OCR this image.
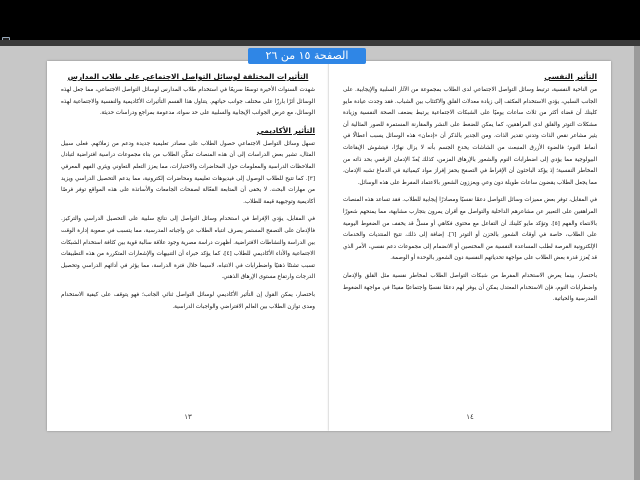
التأثيرات المختلفة لوسائل التواصل الاجتماعي على طلاب المدارس

شهدت السنوات الأخيرة توسعًا سريعًا في استخدام طلاب المدارس لوسائل التواصل الاجتماعي، مما جعل لهذه الوسائل أثرًا بارزًا على مختلف جوانب حياتهم. يتناول هذا القسم التأثيرات الأكاديمية والنفسية والاجتماعية لهذه الوسائل، مع عرض الجوانب الإيجابية والسلبية على حد سواء، مدعومة بمراجع ودراسات حديثة.

التأثير الأكاديمي

تسهل وسائل التواصل الاجتماعي حصول الطلاب على مصادر تعليمية جديدة ودعم من زملائهم. فعلى سبيل المثال، تشير بعض الدراسات إلى أن هذه المنصات تمكّن الطلاب من بناء مجموعات دراسية افتراضية لتبادل الملاحظات الدراسية والمعلومات حول المحاضرات والاختبارات، مما يعزز التعلم التعاوني ويثري الفهم المعرفي [٣]. كما تتيح للطلاب الوصول إلى فيديوهات تعليمية ومحاضرات إلكترونية، مما يدعم التحصيل الدراسي ويزيد من مهارات البحث. لا يخفى أن المتابعة الفعّالة لصفحات الجامعات والأساتذة على هذه المواقع توفر فرصًا أكاديمية وتوجيهية قيمة للطلاب.

في المقابل، يؤدي الإفراط في استخدام وسائل التواصل إلى نتائج سلبية على التحصيل الدراسي والتركيز. فالإدمان على التصفح المستمر يصرف انتباه الطلاب عن واجباته المدرسية، مما يتسبب في صعوبة إدارة الوقت بين الدراسة والنشاطات الافتراضية. أظهرت دراسة مصرية وجود علاقة سالبة قوية بين كثافة استخدام الشبكات الاجتماعية والأداء الأكاديمي للطلاب [٤]، كما يؤكد خبراء أن التنبيهات والإشعارات المتكررة من هذه التطبيقات تسبب تشتتًا ذهنيًا واضطرابات في الانتباه، لاسيما خلال فترة الدراسة، مما يؤثر في أدائهم الدراسي وتحصيل الدرجات وارتفاع مستوى الإرهاق الذهني.

باختصار، يمكن القول إن التأثير الأكاديمي لوسائل التواصل ثنائي الجانب؛ فهو يتوقف على كيفية الاستخدام ومدى توازن الطلاب بين العالم الافتراضي والواجبات الدراسية.

١٣
التأثير النفسي

من الناحية النفسية، ترتبط وسائل التواصل الاجتماعي لدى الطلاب بمجموعة من الآثار السلبية والإيجابية. على الجانب السلبي، يؤدي الاستخدام المكثف إلى زيادة معدلات القلق والاكتئاب بين الشباب. فقد وجدت عيادة مايو كلينك أن قضاء أكثر من ثلاث ساعات يوميًا على الشبكات الاجتماعية يرتبط بضعف الصحة النفسية وزيادة مشكلات التوتر والقلق لدى المراهقين، كما يمكن للضغط على النشر والمقارنة المستمرة للصور المثالية أن يثير مشاعر نقص الذات وتدني تقدير الذات. ومن الجدير بالذكر أن «إدمان» هذه الوسائل يسبب أعطالًا في أنماط النوم؛ فالضوء الأزرق المنبعث من الشاشات يخدع الجسم بأنه لا يزال نهارًا، فيتشوش الإيقاعات البيولوجية مما يؤدي إلى اضطرابات النوم والشعور بالإرهاق المزمن، كذلك يُعدّ الإدمان الرقمي بحد ذاته من المخاطر النفسية؛ إذ يؤكد الباحثون أن الإفراط في التصفح يحفز إفراز مواد كيميائية في الدماغ تشبه الإدمان، مما يجعل الطلاب يقضون ساعات طويلة دون وعي ويعززون الشعور بالاعتماد المفرط على هذه الوسائل.

في المقابل، توفر بعض مميزات وسائل التواصل دعمًا نفسيًا ومصادرًا إيجابية للطلاب. فقد تساعد هذه المنصات المراهقين على التعبير عن مشاعرهم الداخلية والتواصل مع أقران يمرون بتجارب مشابهة، مما يمنحهم شعورًا بالانتماء والفهم [٥]. وتؤكد مايو كلينك أن التفاعل مع محتوى فكاهي أو مسلٍّ قد يخفف من الضغوط اليومية على الطلاب، خاصة في أوقات الشعور بالحزن أو التوتر [٦]. إضافة إلى ذلك، تتيح المنتديات والخدمات الإلكترونية الفرصة لطلب المساعدة النفسية من المختصين أو الانضمام إلى مجموعات دعم نفسي، الأمر الذي قد يُعزز قدرة بعض الطلاب على مواجهة تحدياتهم النفسية دون الشعور بالوحدة أو الوصمة.

باختصار، بينما يعرض الاستخدام المفرط من شبكات التواصل الطلاب لمخاطر نفسية مثل القلق والإدمان واضطرابات النوم، فإن الاستخدام المعتدل يمكن أن يوفر لهم دعمًا نفسيًا واجتماعيًا مفيدًا في مواجهة الضغوط المدرسية والحياتية.

١٤
الصفحة ١٥ من ٢٦
